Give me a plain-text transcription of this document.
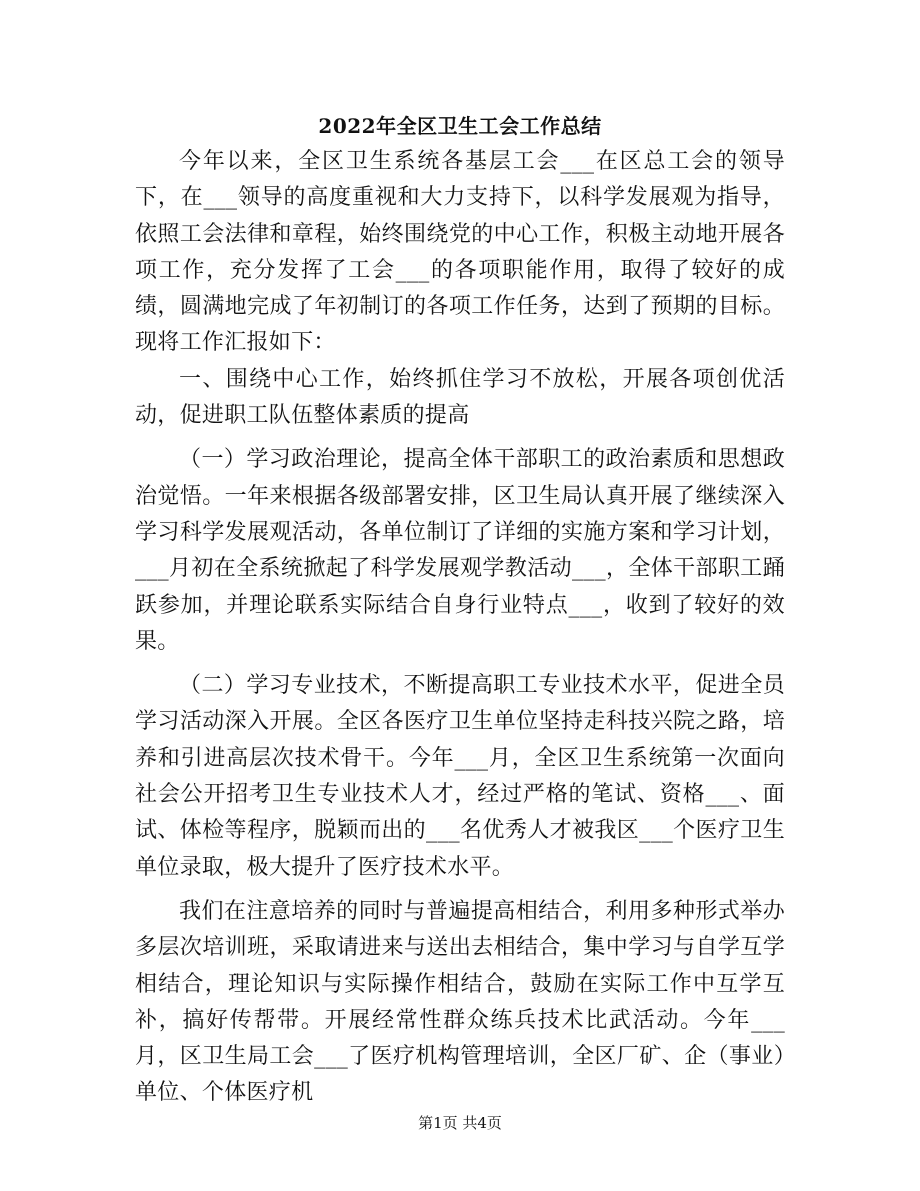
2022年全区卫生工会工作总结

今年以来，全区卫生系统各基层工会___在区总工会的领导下，在___领导的高度重视和大力支持下，以科学发展观为指导，依照工会法律和章程，始终围绕党的中心工作，积极主动地开展各项工作，充分发挥了工会___的各项职能作用，取得了较好的成绩，圆满地完成了年初制订的各项工作任务，达到了预期的目标。现将工作汇报如下：

一、围绕中心工作，始终抓住学习不放松，开展各项创优活动，促进职工队伍整体素质的提高

（一）学习政治理论，提高全体干部职工的政治素质和思想政治觉悟。一年来根据各级部署安排，区卫生局认真开展了继续深入学习科学发展观活动，各单位制订了详细的实施方案和学习计划，___月初在全系统掀起了科学发展观学教活动___，全体干部职工踊跃参加，并理论联系实际结合自身行业特点___，收到了较好的效果。

（二）学习专业技术，不断提高职工专业技术水平，促进全员学习活动深入开展。全区各医疗卫生单位坚持走科技兴院之路，培养和引进高层次技术骨干。今年___月，全区卫生系统第一次面向社会公开招考卫生专业技术人才，经过严格的笔试、资格___、面试、体检等程序，脱颖而出的___名优秀人才被我区___个医疗卫生单位录取，极大提升了医疗技术水平。

我们在注意培养的同时与普遍提高相结合，利用多种形式举办多层次培训班，采取请进来与送出去相结合，集中学习与自学互学相结合，理论知识与实际操作相结合，鼓励在实际工作中互学互补，搞好传帮带。开展经常性群众练兵技术比武活动。今年___月，区卫生局工会___了医疗机构管理培训，全区厂矿、企（事业）单位、个体医疗机

第1页 共4页
